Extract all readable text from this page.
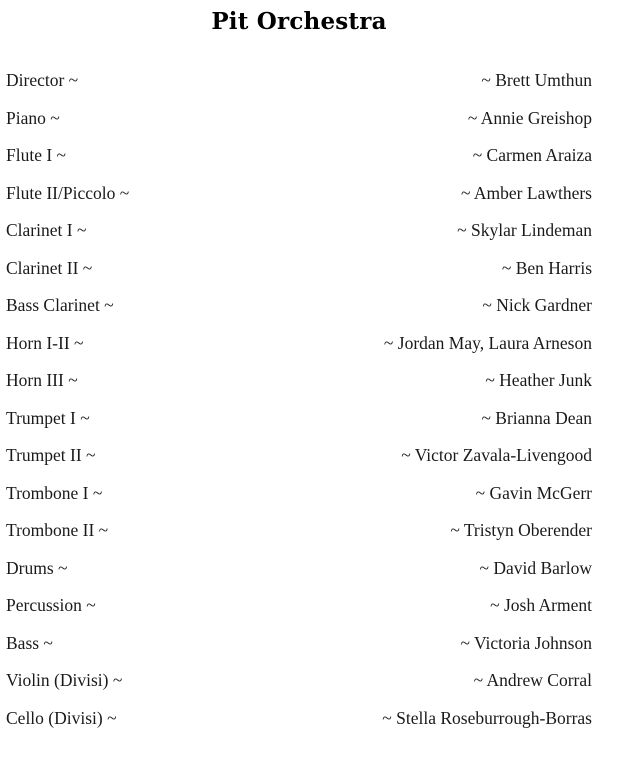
Pit Orchestra
Director ~	~ Brett Umthun
Piano ~	~ Annie Greishop
Flute I ~	~ Carmen Araiza
Flute II/Piccolo ~	~ Amber Lawthers
Clarinet I ~	~ Skylar Lindeman
Clarinet II ~	~ Ben Harris
Bass Clarinet ~	~ Nick Gardner
Horn I-II ~	~ Jordan May, Laura Arneson
Horn III ~	~ Heather Junk
Trumpet I ~	~ Brianna Dean
Trumpet II ~	~ Victor Zavala-Livengood
Trombone I ~	~ Gavin McGerr
Trombone II ~	~ Tristyn Oberender
Drums ~	~ David Barlow
Percussion ~	~ Josh Arment
Bass ~	~ Victoria Johnson
Violin (Divisi) ~	~ Andrew Corral
Cello (Divisi) ~	~ Stella Roseburrough-Borras
